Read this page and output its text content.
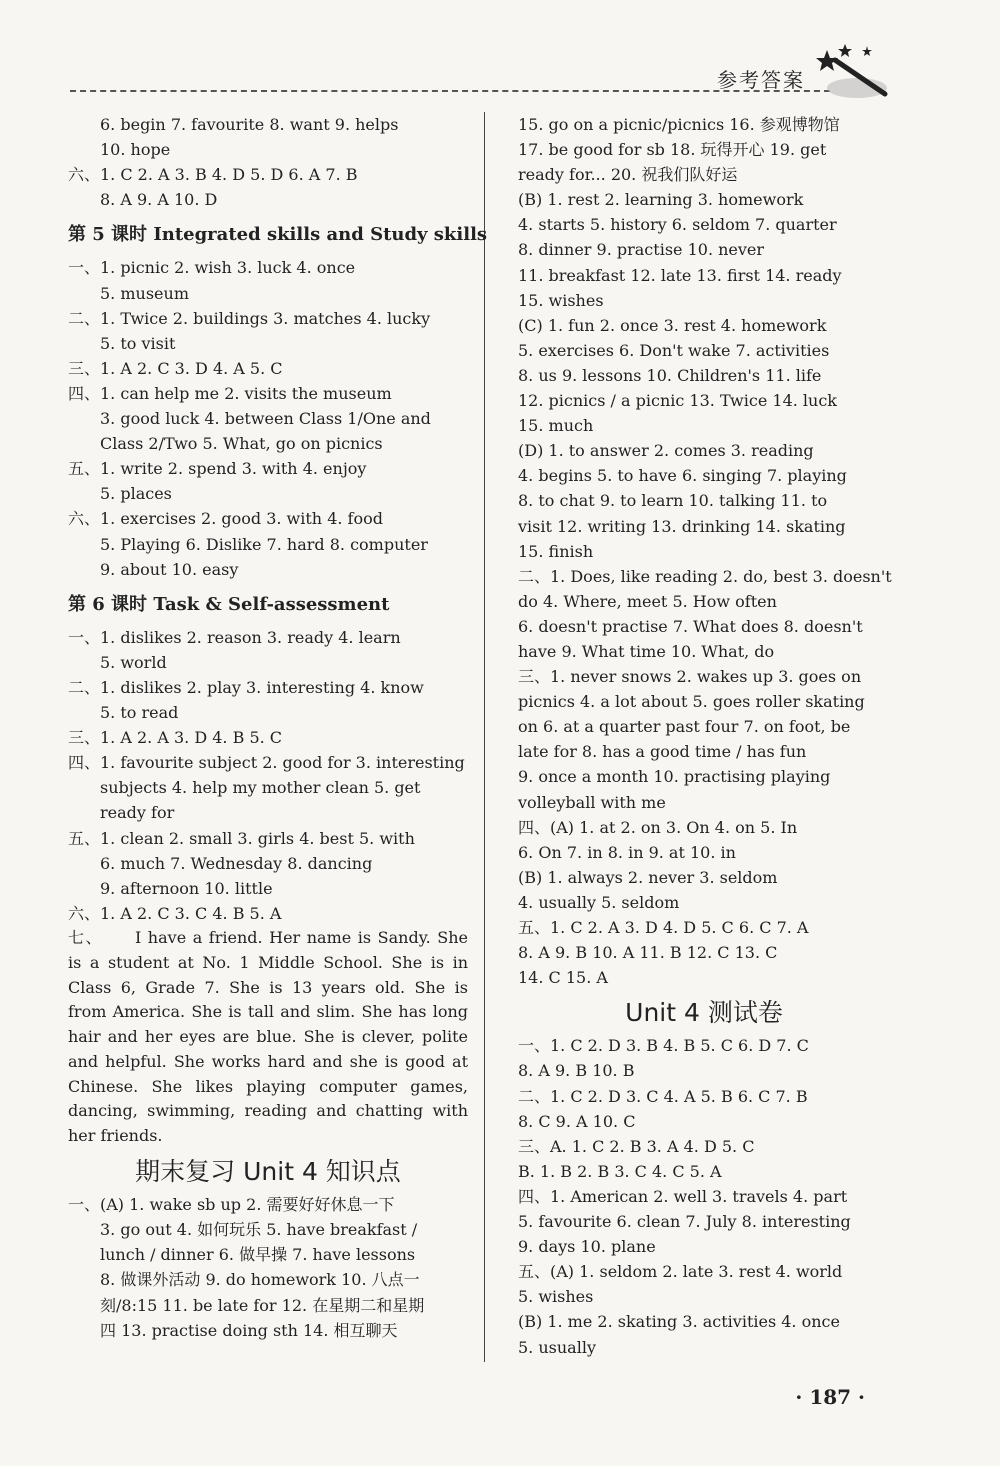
参考答案
6. begin 7. favourite 8. want 9. helps
10. hope
六、1. C 2. A 3. B 4. D 5. D 6. A 7. B
8. A 9. A 10. D
第 5 课时 Integrated skills and Study skills
一、1. picnic 2. wish 3. luck 4. once
5. museum
二、1. Twice 2. buildings 3. matches 4. lucky
5. to visit
三、1. A 2. C 3. D 4. A 5. C
四、1. can help me 2. visits the museum
3. good luck 4. between Class 1/One and
Class 2/Two 5. What, go on picnics
五、1. write 2. spend 3. with 4. enjoy
5. places
六、1. exercises 2. good 3. with 4. food
5. Playing 6. Dislike 7. hard 8. computer
9. about 10. easy
第 6 课时 Task & Self-assessment
一、1. dislikes 2. reason 3. ready 4. learn
5. world
二、1. dislikes 2. play 3. interesting 4. know
5. to read
三、1. A 2. A 3. D 4. B 5. C
四、1. favourite subject 2. good for 3. interesting
subjects 4. help my mother clean 5. get
ready for
五、1. clean 2. small 3. girls 4. best 5. with
6. much 7. Wednesday 8. dancing
9. afternoon 10. little
六、1. A 2. C 3. C 4. B 5. A
七、 I have a friend. Her name is Sandy. She is a student at No. 1 Middle School. She is in Class 6, Grade 7. She is 13 years old. She is from America. She is tall and slim. She has long hair and her eyes are blue. She is clever, polite and helpful. She works hard and she is good at Chinese. She likes playing computer games, dancing, swimming, reading and chatting with her friends.
期末复习 Unit 4 知识点
一、(A) 1. wake sb up 2. 需要好好休息一下
3. go out 4. 如何玩乐 5. have breakfast /
lunch / dinner 6. 做早操 7. have lessons
8. 做课外活动 9. do homework 10. 八点一
刻/8:15 11. be late for 12. 在星期二和星期
四 13. practise doing sth 14. 相互聊天
15. go on a picnic/picnics 16. 参观博物馆
17. be good for sb 18. 玩得开心 19. get
ready for... 20. 祝我们队好运
(B) 1. rest 2. learning 3. homework
4. starts 5. history 6. seldom 7. quarter
8. dinner 9. practise 10. never
11. breakfast 12. late 13. first 14. ready
15. wishes
(C) 1. fun 2. once 3. rest 4. homework
5. exercises 6. Don't wake 7. activities
8. us 9. lessons 10. Children's 11. life
12. picnics / a picnic 13. Twice 14. luck
15. much
(D) 1. to answer 2. comes 3. reading
4. begins 5. to have 6. singing 7. playing
8. to chat 9. to learn 10. talking 11. to
visit 12. writing 13. drinking 14. skating
15. finish
二、1. Does, like reading 2. do, best 3. doesn't
do 4. Where, meet 5. How often
6. doesn't practise 7. What does 8. doesn't
have 9. What time 10. What, do
三、1. never snows 2. wakes up 3. goes on
picnics 4. a lot about 5. goes roller skating
on 6. at a quarter past four 7. on foot, be
late for 8. has a good time / has fun
9. once a month 10. practising playing
volleyball with me
四、(A) 1. at 2. on 3. On 4. on 5. In
6. On 7. in 8. in 9. at 10. in
(B) 1. always 2. never 3. seldom
4. usually 5. seldom
五、1. C 2. A 3. D 4. D 5. C 6. C 7. A
8. A 9. B 10. A 11. B 12. C 13. C
14. C 15. A
Unit 4 测试卷
一、1. C 2. D 3. B 4. B 5. C 6. D 7. C
8. A 9. B 10. B
二、1. C 2. D 3. C 4. A 5. B 6. C 7. B
8. C 9. A 10. C
三、A. 1. C 2. B 3. A 4. D 5. C
B. 1. B 2. B 3. C 4. C 5. A
四、1. American 2. well 3. travels 4. part
5. favourite 6. clean 7. July 8. interesting
9. days 10. plane
五、(A) 1. seldom 2. late 3. rest 4. world
5. wishes
(B) 1. me 2. skating 3. activities 4. once
5. usually
· 187 ·
